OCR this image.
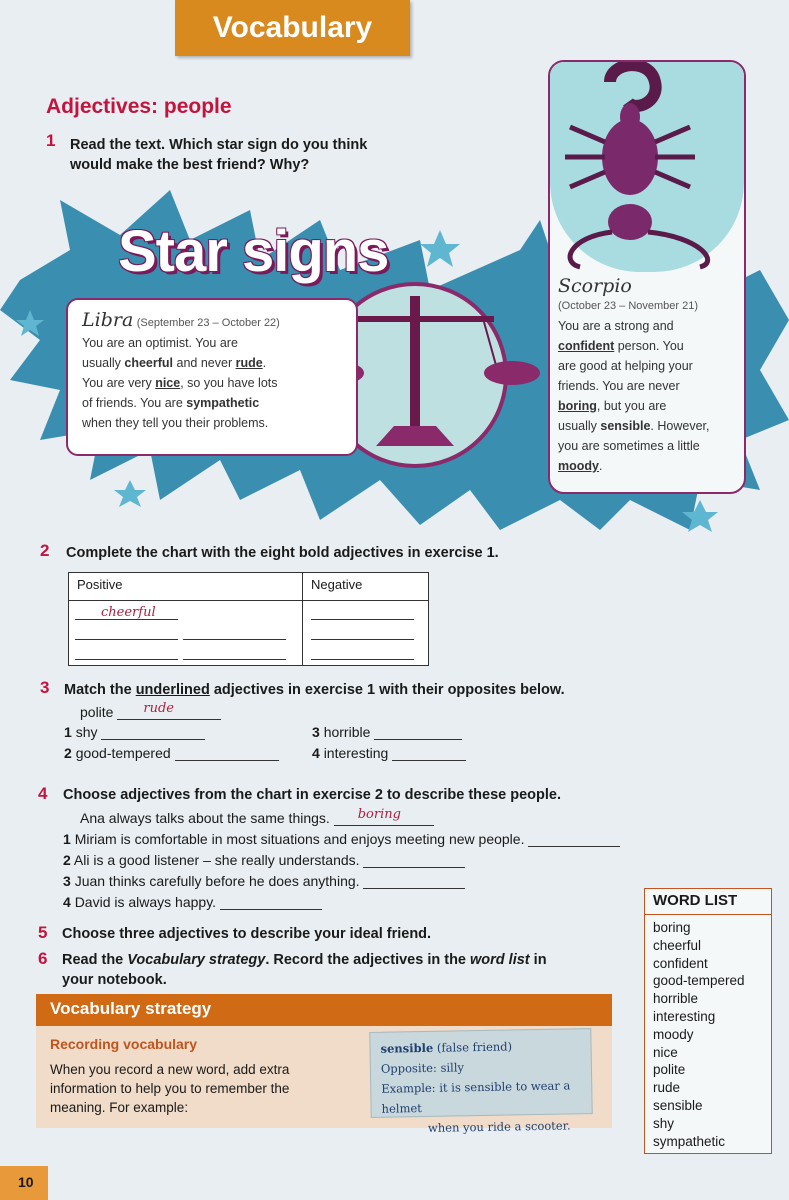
Vocabulary
Adjectives: people
1 Read the text. Which star sign do you think
would make the best friend? Why?
Star signs
Libra (September 23 – October 22)
You are an optimist. You are
usually cheerful and never rude.
You are very nice, so you have lots
of friends. You are sympathetic
when they tell you their problems.
Scorpio
(October 23 – November 21)
You are a strong and
confident person. You
are good at helping your
friends. You are never
boring, but you are
usually sensible. However,
you are sometimes a little
moody.
2 Complete the chart with the eight bold adjectives in exercise 1.
Positive
cheerful
Negative
3 Match the underlined adjectives in exercise 1 with their opposites below.
polite rude
1 shy
2 good-tempered
3 horrible
4 interesting
4 Choose adjectives from the chart in exercise 2 to describe these people.
Ana always talks about the same things. boring
1 Miriam is comfortable in most situations and enjoys meeting new people.
2 Ali is a good listener – she really understands.
3 Juan thinks carefully before he does anything.
4 David is always happy.
5 Choose three adjectives to describe your ideal friend.
6 Read the Vocabulary strategy. Record the adjectives in the word list in
your notebook.
Vocabulary strategy
Recording vocabulary
When you record a new word, add extra
information to help you to remember the
meaning. For example:
sensible (false friend)
Opposite: silly
Example: it is sensible to wear a helmet
when you ride a scooter.
WORD LIST
boring
cheerful
confident
good-tempered
horrible
interesting
moody
nice
polite
rude
sensible
shy
sympathetic
10
